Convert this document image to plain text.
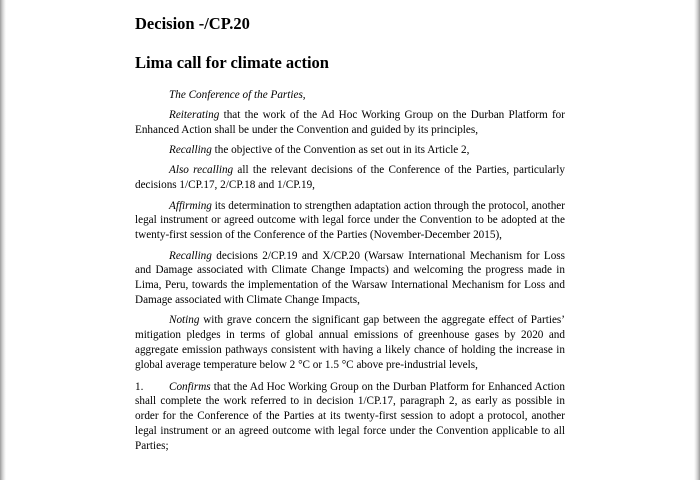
Decision -/CP.20
Lima call for climate action

The Conference of the Parties,

Reiterating that the work of the Ad Hoc Working Group on the Durban Platform for Enhanced Action shall be under the Convention and guided by its principles,

Recalling the objective of the Convention as set out in its Article 2,

Also recalling all the relevant decisions of the Conference of the Parties, particularly decisions 1/CP.17, 2/CP.18 and 1/CP.19,

Affirming its determination to strengthen adaptation action through the protocol, another legal instrument or agreed outcome with legal force under the Convention to be adopted at the twenty-first session of the Conference of the Parties (November-December 2015),

Recalling decisions 2/CP.19 and X/CP.20 (Warsaw International Mechanism for Loss and Damage associated with Climate Change Impacts) and welcoming the progress made in Lima, Peru, towards the implementation of the Warsaw International Mechanism for Loss and Damage associated with Climate Change Impacts,

Noting with grave concern the significant gap between the aggregate effect of Parties’ mitigation pledges in terms of global annual emissions of greenhouse gases by 2020 and aggregate emission pathways consistent with having a likely chance of holding the increase in global average temperature below 2 °C or 1.5 °C above pre-industrial levels,

1. Confirms that the Ad Hoc Working Group on the Durban Platform for Enhanced Action shall complete the work referred to in decision 1/CP.17, paragraph 2, as early as possible in order for the Conference of the Parties at its twenty-first session to adopt a protocol, another legal instrument or an agreed outcome with legal force under the Convention applicable to all Parties;
